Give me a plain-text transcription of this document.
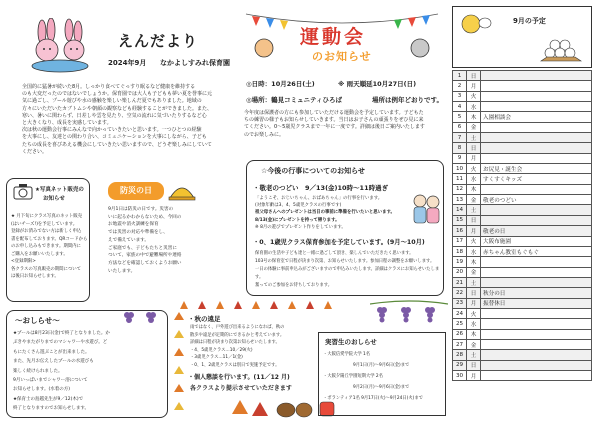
えんだより
2024年9月 なかよしすみれ保育園
全国的に猛暑が続いた8月。しっかり食べてぐっすり眠るなど健康を維持する
のも大変だったのではないでしょうか。保育園では大人も子どもも夢い夏を誉事に元
気に過ごし、プール遊びや水の感触を楽しい楽しんだ夏でもありました。地域の
方々にいただいたカブトムシや朝顔の観察なども経験することができました。また、
寒い、暑いに関わらず、日差しや雲を見たり、空気の流れに気づいたりするなど心
と大きくなり、成長を実感しています。
次は秋の運動会行事にみんなで向かっていきたいと思います。一つひとつの経験
を大事にし、友達との関わり合い、コミュニケーションを大事にしながら、子ども
たちの成長を喜びあえる機会にしていきたい思いますので、どうぞ楽しみにしていて
ください。
運動会
のお知らせ
◎日時：10月26日(土)	※ 雨天順延10月27日(日)
◎場所：鶴見コミュニティひろば	場所は例年どおりです。
今年度は保護者の方にも参加していただける運動会を予定しています。子どもた
ちの練習の様子もお知らせしていきます。当日はお子さんの頑張りをぜひ見に来
てください。0～5歳児クラスまで一年に一度です。詳細は後日ご案内いたします
のでお楽しみに。
★写真ネット販売の
お知らせ
★ 月下旬にクラス写真のネット販売
(はいチーズ!)を予定しています。
登録がお済みでない方は新しく申込
書を配布しております。QRコードから
のお申し込みもできます。期間内に
ご購入をお願いいたします。
<登録期限>
各クラスの写真販売の期間について
は後日お知らせします。
防災の日
9月1日は防災の日です。災害の
いに起るかわからないため、今回の
お地震や消火訓練を保育
では災害の対応や準備をし、
えで備えています。
ご家庭でも、子どもたちと災害に
ついて、家族の中で避難場所や連絡
方法などを確認しておくようお願い
いたします。
☆今後の行事についてのお知らせ
・敬老のつどい　9／13(金)10時～11時過ぎ
「ようこそ、おじいちゃん、おばあちゃん」の行事を行います。
(対象年齢は3、4、5歳児クラスの行事です)
祖父母さんへのプレゼントは当日の事前に準備を行いたいと思います。
8/13(金)にプレゼントを持って帰ります。
※ 8月の遊びでプレゼント作りをしています。
・0、1歳児クラス保育参加を予定しています。(9月～10月)
保育園の生活や子ども達と一緒に過ごして頂き、楽しんでいただきたく思います。
103号の保育室で日程が決まり次第、お知らせいたします。参加日程の調整をお願いします。
一日の体験に事前申込みがございますので申込みいたします。詳細はクラスにお知らせいたします。
奮ってのご参加をお待ちしております。
〜おしらせ〜
★プールは8月23日(金)で終了となりました。か
ぶきやまたがりまでのマシャワーや水遊び。ど
もにたくさん遊ぶことが出来ました。
また、先月お伝えしたプールの水遊びも
楽しく続けられました。
9月いっぱいまでシャワー浴について
お知らせします。(水着の方)
★保育士の島越先生が9／12(木)で
終了となりますのでお知らせします。
・秋の遠足
雨ではなく、戸外遊び出来るようになれば、秋の
散歩や遠足が定期的にできるかと考えています。
詳細は日程が決まり次第お知らせいたします。
・4、5歳児クラス…10／29(火)
・3歳児クラス…11／1(金)
・0、1、2歳児クラスは別日で実施予定です。
・個人懇談を行います。(11／12 月)
各クラスより提示させていただきます
実習生のおしらせ
・大阪信愛学院大学 1名
9月1日(月)～9月6日(金)まで
・大阪夕陽丘学園短期大学 2名
9月2日(月)～9月6日(金)まで
・ボランティア1名 9月17日(火)～9月24日(火)まで
9月の予定
1	日	
2	月	
3	火	
4	水	
5	木	入園相談会
6	金	
7	土	
8	日	
9	月	
10	火	お尻見・誕生会
11	水	すくすくキッズ
12	木	
13	金	敬老のつどい
14	土	
15	日	
16	月	敬老の日
17	火	大阪布施園
18	水	赤ちゃん教室もぐもぐ
19	木	
20	金	
21	土	
22	日	秋分の日
23	月	振替休日
24	火	
25	水	
26	木	
27	金	
28	土	
29	日	
30	月	
